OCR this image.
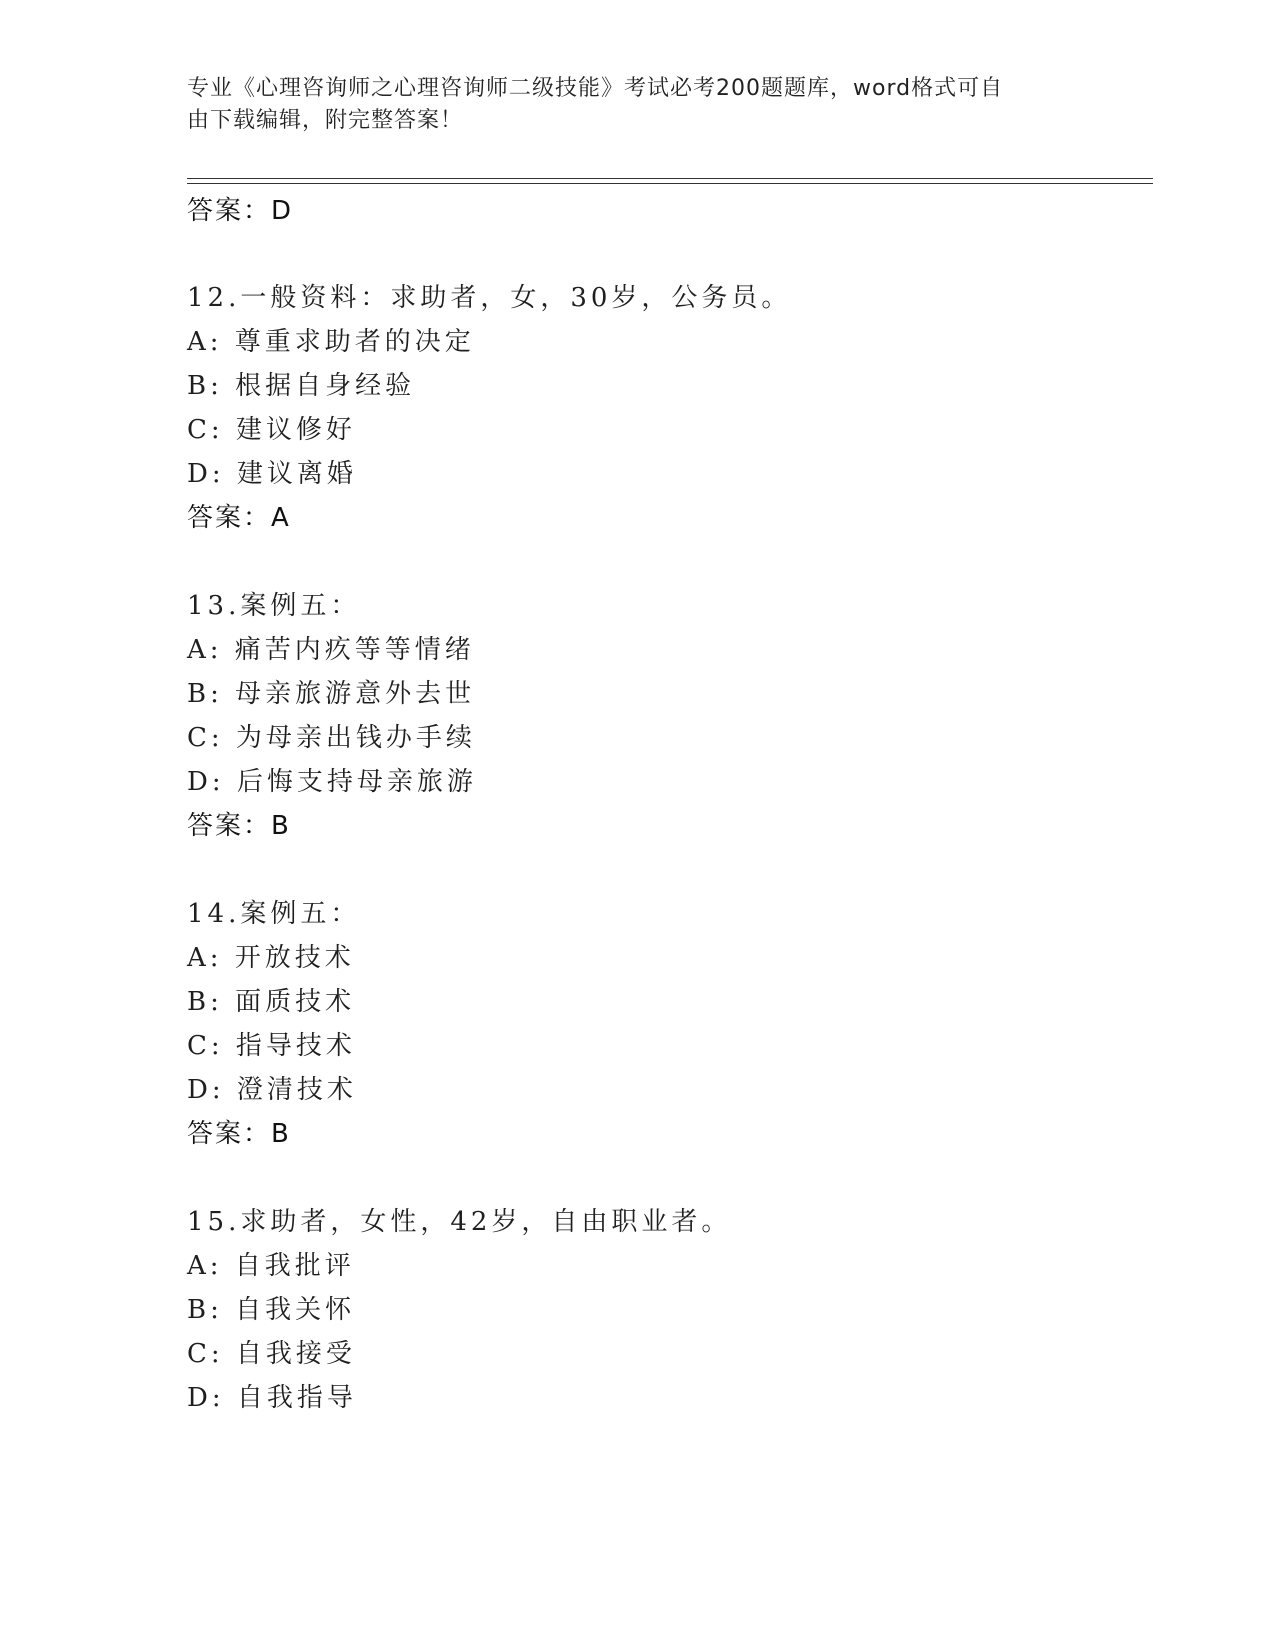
专业《心理咨询师之心理咨询师二级技能》考试必考200题题库，word格式可自
由下载编辑，附完整答案！
答案：D
12.一般资料：求助者，女，30岁，公务员。
A: 尊重求助者的决定
B: 根据自身经验
C: 建议修好
D: 建议离婚
答案：A
13.案例五：
A: 痛苦内疚等等情绪
B: 母亲旅游意外去世
C: 为母亲出钱办手续
D: 后悔支持母亲旅游
答案：B
14.案例五：
A: 开放技术
B: 面质技术
C: 指导技术
D: 澄清技术
答案：B
15.求助者，女性，42岁，自由职业者。
A: 自我批评
B: 自我关怀
C: 自我接受
D: 自我指导
